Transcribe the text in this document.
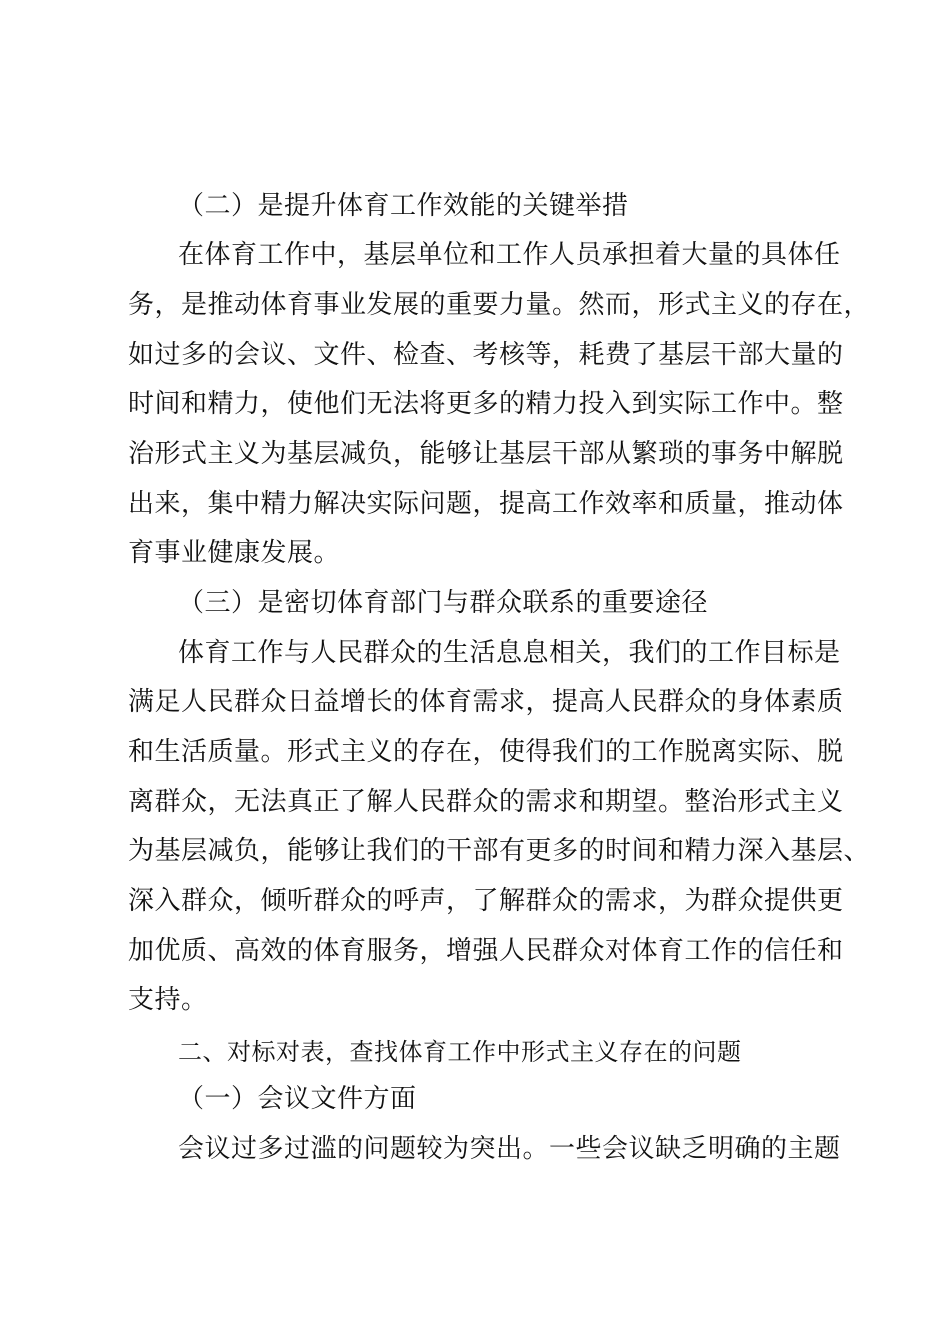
（二）是提升体育工作效能的关键举措
在体育工作中，基层单位和工作人员承担着大量的具体任
务，是推动体育事业发展的重要力量。然而，形式主义的存在，
如过多的会议、文件、检查、考核等，耗费了基层干部大量的
时间和精力，使他们无法将更多的精力投入到实际工作中。整
治形式主义为基层减负，能够让基层干部从繁琐的事务中解脱
出来，集中精力解决实际问题，提高工作效率和质量，推动体
育事业健康发展。
（三）是密切体育部门与群众联系的重要途径
体育工作与人民群众的生活息息相关，我们的工作目标是
满足人民群众日益增长的体育需求，提高人民群众的身体素质
和生活质量。形式主义的存在，使得我们的工作脱离实际、脱
离群众，无法真正了解人民群众的需求和期望。整治形式主义
为基层减负，能够让我们的干部有更多的时间和精力深入基层、
深入群众，倾听群众的呼声，了解群众的需求，为群众提供更
加优质、高效的体育服务，增强人民群众对体育工作的信任和
支持。
二、对标对表，查找体育工作中形式主义存在的问题
（一）会议文件方面
会议过多过滥的问题较为突出。一些会议缺乏明确的主题
